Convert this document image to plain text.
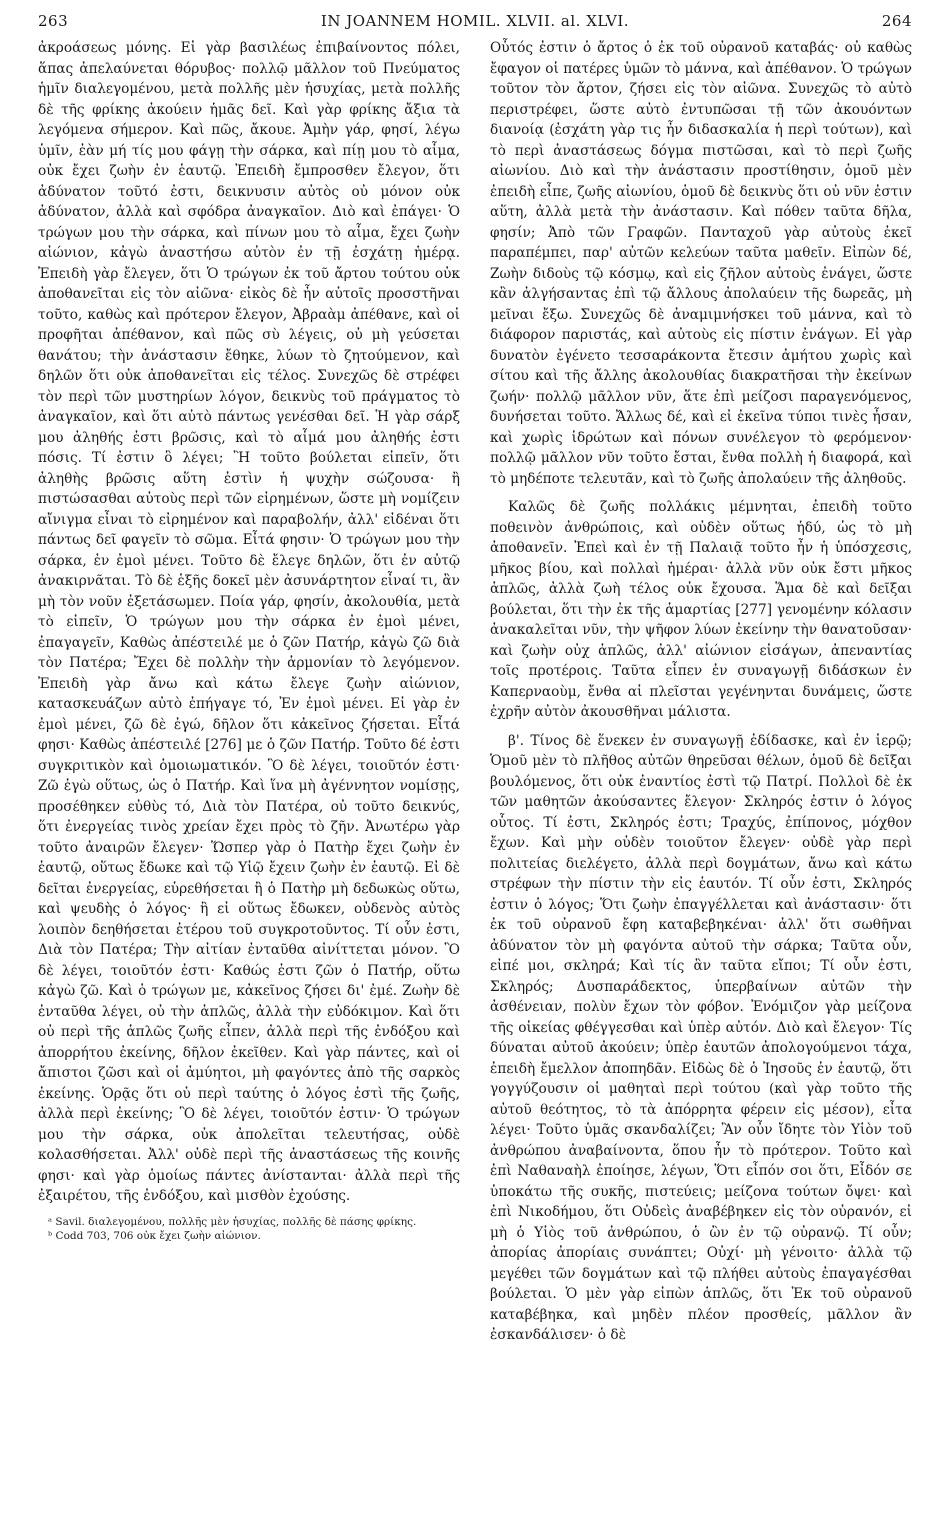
263	IN JOANNEM HOMIL. XLVII. al. XLVI.	264

ἀκροάσεως μόνης. Εἰ γὰρ βασιλέως ἐπιβαίνοντος πόλει, ἅπας ἀπελαύνεται θόρυβος· πολλῷ μᾶλλον τοῦ Πνεύματος ἡμῖν διαλεγομένου, μετὰ πολλῆς μὲν ἡσυχίας, μετὰ πολλῆς δὲ τῆς φρίκης ἀκούειν ἡμᾶς δεῖ. Καὶ γὰρ φρίκης ἄξια τὰ λεγόμενα σήμερον. Καὶ πῶς, ἄκουε. Ἀμὴν γάρ, φησί, λέγω ὑμῖν, ἐὰν μή τίς μου φάγῃ τὴν σάρκα, καὶ πίῃ μου τὸ αἷμα, οὐκ ἔχει ζωὴν ἐν ἑαυτῷ. Ἐπειδὴ ἔμπροσθεν ἔλεγον, ὅτι ἀδύνατον τοῦτό ἐστι, δεικνυσιν αὐτὸς οὐ μόνον οὐκ ἀδύνατον, ἀλλὰ καὶ σφόδρα ἀναγκαῖον. Διὸ καὶ ἐπάγει· Ὁ τρώγων μου τὴν σάρκα, καὶ πίνων μου τὸ αἷμα, ἔχει ζωὴν αἰώνιον, κἀγὼ ἀναστήσω αὐτὸν ἐν τῇ ἐσχάτῃ ἡμέρᾳ. Ἐπειδὴ γὰρ ἔλεγεν, ὅτι Ὁ τρώγων ἐκ τοῦ ἄρτου τούτου οὐκ ἀποθανεῖται εἰς τὸν αἰῶνα· εἰκὸς δὲ ἦν αὐτοῖς προσστῆναι τοῦτο, καθὼς καὶ πρότερον ἔλεγον, Ἀβραὰμ ἀπέθανε, καὶ οἱ προφῆται ἀπέθανον, καὶ πῶς σὺ λέγεις, οὐ μὴ γεύσεται θανάτου; τὴν ἀνάστασιν ἔθηκε, λύων τὸ ζητούμενον, καὶ δηλῶν ὅτι οὐκ ἀποθανεῖται εἰς τέλος. Συνεχῶς δὲ στρέφει τὸν περὶ τῶν μυστηρίων λόγον, δεικνὺς τοῦ πράγματος τὸ ἀναγκαῖον, καὶ ὅτι αὐτὸ πάντως γενέσθαι δεῖ. Ἡ γὰρ σάρξ μου ἀληθής ἐστι βρῶσις, καὶ τὸ αἷμά μου ἀληθής ἐστι πόσις. Τί ἐστιν ὃ λέγει; Ἢ τοῦτο βούλεται εἰπεῖν, ὅτι ἀληθὴς βρῶσις αὕτη ἐστὶν ἡ ψυχὴν σώζουσα· ἢ πιστώσασθαι αὐτοὺς περὶ τῶν εἰρημένων, ὥστε μὴ νομίζειν αἴνιγμα εἶναι τὸ εἰρημένον καὶ παραβολήν, ἀλλ' εἰδέναι ὅτι πάντως δεῖ φαγεῖν τὸ σῶμα. Εἶτά φησιν· Ὁ τρώγων μου τὴν σάρκα, ἐν ἐμοὶ μένει. Τοῦτο δὲ ἔλεγε δηλῶν, ὅτι ἐν αὐτῷ ἀνακιρνᾶται. Τὸ δὲ ἑξῆς δοκεῖ μὲν ἀσυνάρτητον εἶναί τι, ἂν μὴ τὸν νοῦν ἐξετάσωμεν. Ποία γάρ, φησίν, ἀκολουθία, μετὰ τὸ εἰπεῖν, Ὁ τρώγων μου τὴν σάρκα ἐν ἐμοὶ μένει, ἐπαγαγεῖν, Καθὼς ἀπέστειλέ με ὁ ζῶν Πατήρ, κἀγὼ ζῶ διὰ τὸν Πατέρα; Ἔχει δὲ πολλὴν τὴν ἁρμονίαν τὸ λεγόμενον. Ἐπειδὴ γὰρ ἄνω καὶ κάτω ἔλεγε ζωὴν αἰώνιον, κατασκευάζων αὐτὸ ἐπήγαγε τό, Ἐν ἐμοὶ μένει. Εἰ γὰρ ἐν ἐμοὶ μένει, ζῶ δὲ ἐγώ, δῆλον ὅτι κἀκεῖνος ζήσεται. Εἶτά φησι· Καθὼς ἀπέστειλέ [276] με ὁ ζῶν Πατήρ. Τοῦτο δέ ἐστι συγκριτικὸν καὶ ὁμοιωματικόν. Ὃ δὲ λέγει, τοιοῦτόν ἐστι· Ζῶ ἐγὼ οὕτως, ὡς ὁ Πατήρ. Καὶ ἵνα μὴ ἀγέννητον νομίσῃς, προσέθηκεν εὐθὺς τό, Διὰ τὸν Πατέρα, οὐ τοῦτο δεικνύς, ὅτι ἐνεργείας τινὸς χρείαν ἔχει πρὸς τὸ ζῆν. Ἀνωτέρω γὰρ τοῦτο ἀναιρῶν ἔλεγεν· Ὥσπερ γὰρ ὁ Πατὴρ ἔχει ζωὴν ἐν ἑαυτῷ, οὕτως ἔδωκε καὶ τῷ Υἱῷ ἔχειν ζωὴν ἐν ἑαυτῷ. Εἰ δὲ δεῖται ἐνεργείας, εὑρεθήσεται ἢ ὁ Πατὴρ μὴ δεδωκὼς οὕτω, καὶ ψευδὴς ὁ λόγος· ἢ εἰ οὕτως ἔδωκεν, οὐδενὸς αὐτὸς λοιπὸν δεηθήσεται ἑτέρου τοῦ συγκροτοῦντος. Τί οὖν ἐστι, Διὰ τὸν Πατέρα; Τὴν αἰτίαν ἐνταῦθα αἰνίττεται μόνον. Ὃ δὲ λέγει, τοιοῦτόν ἐστι· Καθώς ἐστι ζῶν ὁ Πατήρ, οὕτω κἀγὼ ζῶ. Καὶ ὁ τρώγων με, κἀκεῖνος ζήσει δι' ἐμέ. Ζωὴν δὲ ἐνταῦθα λέγει, οὐ τὴν ἁπλῶς, ἀλλὰ τὴν εὐδόκιμον. Καὶ ὅτι οὐ περὶ τῆς ἁπλῶς ζωῆς εἶπεν, ἀλλὰ περὶ τῆς ἐνδόξου καὶ ἀπορρήτου ἐκείνης, δῆλον ἐκεῖθεν. Καὶ γὰρ πάντες, καὶ οἱ ἄπιστοι ζῶσι καὶ οἱ ἀμύητοι, μὴ φαγόντες ἀπὸ τῆς σαρκὸς ἐκείνης. Ὁρᾷς ὅτι οὐ περὶ ταύτης ὁ λόγος ἐστὶ τῆς ζωῆς, ἀλλὰ περὶ ἐκείνης; Ὃ δὲ λέγει, τοιοῦτόν ἐστιν· Ὁ τρώγων μου τὴν σάρκα, οὐκ ἀπολεῖται τελευτήσας, οὐδὲ κολασθήσεται. Ἀλλ' οὐδὲ περὶ τῆς ἀναστάσεως τῆς κοινῆς φησι· καὶ γὰρ ὁμοίως πάντες ἀνίστανται· ἀλλὰ περὶ τῆς ἐξαιρέτου, τῆς ἐνδόξου, καὶ μισθὸν ἐχούσης.

ᵃ Savil. διαλεγομένου, πολλῆς μὲν ἡσυχίας, πολλῆς δὲ πάσης φρίκης.
ᵇ Codd 703, 706 οὐκ ἔχει ζωὴν αἰώνιον.

Οὗτός ἐστιν ὁ ἄρτος ὁ ἐκ τοῦ οὐρανοῦ καταβάς· οὐ καθὼς ἔφαγον οἱ πατέρες ὑμῶν τὸ μάννα, καὶ ἀπέθανον. Ὁ τρώγων τοῦτον τὸν ἄρτον, ζήσει εἰς τὸν αἰῶνα. Συνεχῶς τὸ αὐτὸ περιστρέφει, ὥστε αὐτὸ ἐντυπῶσαι τῇ τῶν ἀκουόντων διανοίᾳ (ἐσχάτη γὰρ τις ἦν διδασκαλία ἡ περὶ τούτων), καὶ τὸ περὶ ἀναστάσεως δόγμα πιστῶσαι, καὶ τὸ περὶ ζωῆς αἰωνίου. Διὸ καὶ τὴν ἀνάστασιν προστίθησιν, ὁμοῦ μὲν ἐπειδὴ εἶπε, ζωῆς αἰωνίου, ὁμοῦ δὲ δεικνὺς ὅτι οὐ νῦν ἐστιν αὕτη, ἀλλὰ μετὰ τὴν ἀνάστασιν. Καὶ πόθεν ταῦτα δῆλα, φησίν; Ἀπὸ τῶν Γραφῶν. Πανταχοῦ γὰρ αὐτοὺς ἐκεῖ παραπέμπει, παρ' αὐτῶν κελεύων ταῦτα μαθεῖν. Εἰπὼν δέ, Ζωὴν διδοὺς τῷ κόσμῳ, καὶ εἰς ζῆλον αὐτοὺς ἐνάγει, ὥστε κἂν ἀλγήσαντας ἐπὶ τῷ ἄλλους ἀπολαύειν τῆς δωρεᾶς, μὴ μεῖναι ἔξω. Συνεχῶς δὲ ἀναμιμνήσκει τοῦ μάννα, καὶ τὸ διάφορον παριστάς, καὶ αὐτοὺς εἰς πίστιν ἐνάγων. Εἰ γὰρ δυνατὸν ἐγένετο τεσσαράκοντα ἔτεσιν ἀμήτου χωρὶς καὶ σίτου καὶ τῆς ἄλλης ἀκολουθίας διακρατῆσαι τὴν ἐκείνων ζωήν· πολλῷ μᾶλλον νῦν, ἅτε ἐπὶ μείζοσι παραγενόμενος, δυνήσεται τοῦτο. Ἄλλως δέ, καὶ εἰ ἐκεῖνα τύποι τινὲς ἦσαν, καὶ χωρὶς ἱδρώτων καὶ πόνων συνέλεγον τὸ φερόμενον· πολλῷ μᾶλλον νῦν τοῦτο ἔσται, ἔνθα πολλὴ ἡ διαφορά, καὶ τὸ μηδέποτε τελευτᾶν, καὶ τὸ ζωῆς ἀπολαύειν τῆς ἀληθοῦς.

Καλῶς δὲ ζωῆς πολλάκις μέμνηται, ἐπειδὴ τοῦτο ποθεινὸν ἀνθρώποις, καὶ οὐδὲν οὕτως ἡδύ, ὡς τὸ μὴ ἀποθανεῖν. Ἐπεὶ καὶ ἐν τῇ Παλαιᾷ τοῦτο ἦν ἡ ὑπόσχεσις, μῆκος βίου, καὶ πολλαὶ ἡμέραι· ἀλλὰ νῦν οὐκ ἔστι μῆκος ἁπλῶς, ἀλλὰ ζωὴ τέλος οὐκ ἔχουσα. Ἅμα δὲ καὶ δεῖξαι βούλεται, ὅτι τὴν ἐκ τῆς ἁμαρτίας [277] γενομένην κόλασιν ἀνακαλεῖται νῦν, τὴν ψῆφον λύων ἐκείνην τὴν θανατοῦσαν· καὶ ζωὴν οὐχ ἁπλῶς, ἀλλ' αἰώνιον εἰσάγων, ἀπεναντίας τοῖς προτέροις. Ταῦτα εἶπεν ἐν συναγωγῇ διδάσκων ἐν Καπερναοὺμ, ἔνθα αἱ πλεῖσται γεγένηνται δυνάμεις, ὥστε ἐχρῆν αὐτὸν ἀκουσθῆναι μάλιστα.

β'. Τίνος δὲ ἕνεκεν ἐν συναγωγῇ ἐδίδασκε, καὶ ἐν ἱερῷ; Ὁμοῦ μὲν τὸ πλῆθος αὐτῶν θηρεῦσαι θέλων, ὁμοῦ δὲ δεῖξαι βουλόμενος, ὅτι οὐκ ἐναντίος ἐστὶ τῷ Πατρί. Πολλοὶ δὲ ἐκ τῶν μαθητῶν ἀκούσαντες ἔλεγον· Σκληρός ἐστιν ὁ λόγος οὗτος. Τί ἐστι, Σκληρός ἐστι; Τραχύς, ἐπίπονος, μόχθον ἔχων. Καὶ μὴν οὐδὲν τοιοῦτον ἔλεγεν· οὐδὲ γὰρ περὶ πολιτείας διελέγετο, ἀλλὰ περὶ δογμάτων, ἄνω καὶ κάτω στρέφων τὴν πίστιν τὴν εἰς ἑαυτόν. Τί οὖν ἐστι, Σκληρός ἐστιν ὁ λόγος; Ὅτι ζωὴν ἐπαγγέλλεται καὶ ἀνάστασιν· ὅτι ἐκ τοῦ οὐρανοῦ ἔφη καταβεβηκέναι· ἀλλ' ὅτι σωθῆναι ἀδύνατον τὸν μὴ φαγόντα αὐτοῦ τὴν σάρκα; Ταῦτα οὖν, εἰπέ μοι, σκληρά; Καὶ τίς ἂν ταῦτα εἴποι; Τί οὖν ἐστι, Σκληρός; Δυσπαράδεκτος, ὑπερβαίνων αὐτῶν τὴν ἀσθένειαν, πολὺν ἔχων τὸν φόβον. Ἐνόμιζον γὰρ μείζονα τῆς οἰκείας φθέγγεσθαι καὶ ὑπὲρ αὐτόν. Διὸ καὶ ἔλεγον· Τίς δύναται αὐτοῦ ἀκούειν; ὑπὲρ ἑαυτῶν ἀπολογούμενοι τάχα, ἐπειδὴ ἔμελλον ἀποπηδᾶν. Εἰδὼς δὲ ὁ Ἰησοῦς ἐν ἑαυτῷ, ὅτι γογγύζουσιν οἱ μαθηταὶ περὶ τούτου (καὶ γὰρ τοῦτο τῆς αὐτοῦ θεότητος, τὸ τὰ ἀπόρρητα φέρειν εἰς μέσον), εἶτα λέγει· Τοῦτο ὑμᾶς σκανδαλίζει; Ἂν οὖν ἴδητε τὸν Υἱὸν τοῦ ἀνθρώπου ἀναβαίνοντα, ὅπου ἦν τὸ πρότερον. Τοῦτο καὶ ἐπὶ Ναθαναὴλ ἐποίησε, λέγων, Ὅτι εἶπόν σοι ὅτι, Εἶδόν σε ὑποκάτω τῆς συκῆς, πιστεύεις; μείζονα τούτων ὄψει· καὶ ἐπὶ Νικοδήμου, ὅτι Οὐδεὶς ἀναβέβηκεν εἰς τὸν οὐρανόν, εἰ μὴ ὁ Υἱὸς τοῦ ἀνθρώπου, ὁ ὢν ἐν τῷ οὐρανῷ. Τί οὖν; ἀπορίας ἀπορίαις συνάπτει; Οὐχί· μὴ γένοιτο· ἀλλὰ τῷ μεγέθει τῶν δογμάτων καὶ τῷ πλήθει αὐτοὺς ἐπαγαγέσθαι βούλεται. Ὁ μὲν γὰρ εἰπὼν ἁπλῶς, ὅτι Ἐκ τοῦ οὐρανοῦ καταβέβηκα, καὶ μηδὲν πλέον προσθείς, μᾶλλον ἂν ἐσκανδάλισεν· ὁ δὲ
